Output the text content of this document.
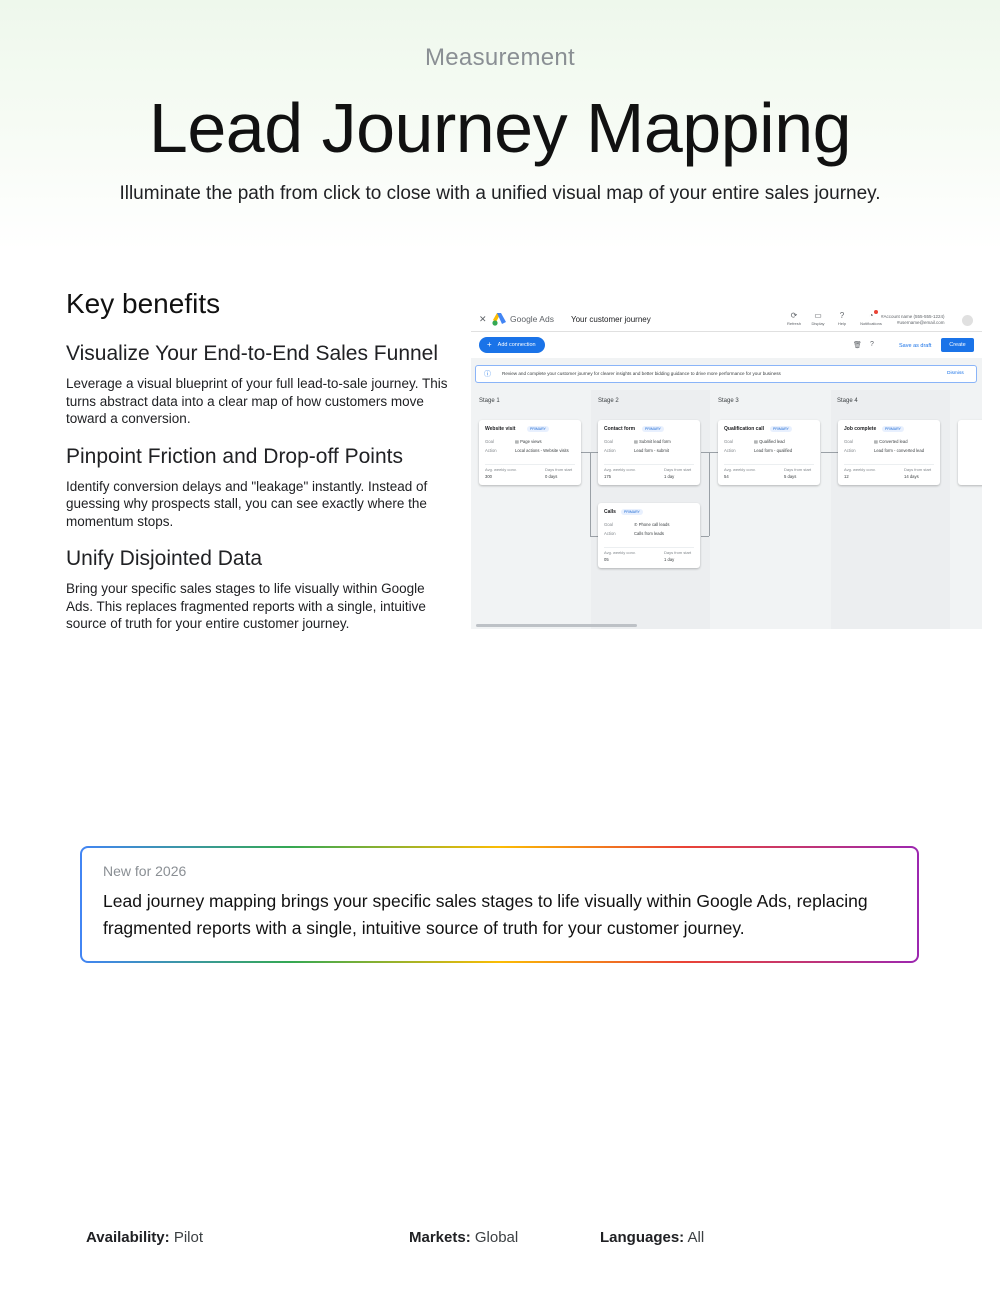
Measurement
Lead Journey Mapping
Illuminate the path from click to close with a unified visual map of your entire sales journey.
Key benefits
Visualize Your End-to-End Sales Funnel

Leverage a visual blueprint of your full lead-to-sale journey. This turns abstract data into a clear map of how customers move toward a conversion.

Pinpoint Friction and Drop-off Points

Identify conversion delays and "leakage" instantly. Instead of guessing why prospects stall, you can see exactly where the momentum stops.

Unify Disjointed Data

Bring your specific sales stages to life visually within Google Ads. This replaces fragmented reports with a single, intuitive source of truth for your entire customer journey.

✕	Google Ads Your customer journey	⟳
Refresh
▭
Display
?
Help
◔
Notifications
#Account name (555-555-1224)
#username@email.com
+ Add connection	🗑 ?	Save as draft	Create
ⓘ Review and complete your customer journey for clearer insights and better bidding guidance to drive more performance for your business	Dismiss
Stage 1	Stage 2	Stage 3	Stage 4
Website visit	PRIMARY
Goal	▤ Page views
Action	Local actions - Website visits
Avg. weekly conv.	Days from start
300	0 days
Contact form	PRIMARY
Goal	▤ Submit lead form
Action	Lead form - submit
Avg. weekly conv.	Days from start
175	1 day
Calls	PRIMARY
Goal	✆ Phone call leads
Action	Calls from leads
Avg. weekly conv.	Days from start
05	1 day
Qualification call	PRIMARY
Goal	▤ Qualified lead
Action	Lead form - qualified
Avg. weekly conv.	Days from start
54	5 days
Job complete	PRIMARY
Goal	▤ Converted lead
Action	Lead form - converted lead
Avg. weekly conv.	Days from start
12	14 days
New for 2026
Lead journey mapping brings your specific sales stages to life visually within Google Ads, replacing fragmented reports with a single, intuitive source of truth for your customer journey.
Availability: Pilot	Markets: Global	Languages: All
